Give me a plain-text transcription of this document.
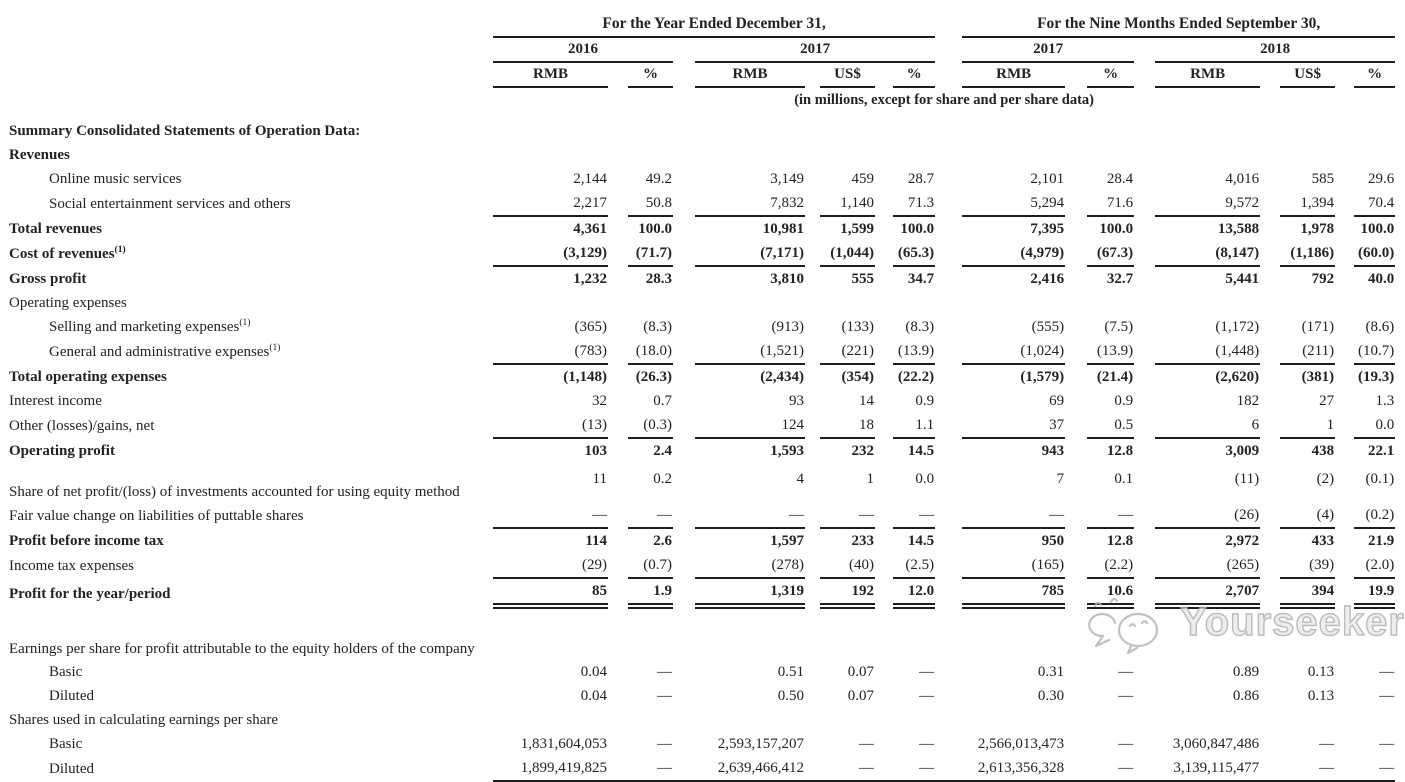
	For the Year Ended December 31,										For the Nine Months Ended September 30,								
	2016				2017						2017				2018				
	RMB		%		RMB		US$		%		RMB		%		RMB		US$		%
	(in millions, except for share and per share data)																		
Summary Consolidated Statements of Operation Data:																			
Revenues																			
Online music services	2,144		49.2		3,149		459		28.7		2,101		28.4		4,016		585		29.6
Social entertainment services and others	2,217		50.8		7,832		1,140		71.3		5,294		71.6		9,572		1,394		70.4
Total revenues	4,361		100.0		10,981		1,599		100.0		7,395		100.0		13,588		1,978		100.0
Cost of revenues$^{(1)}$	(3,129)		(71.7)		(7,171)		(1,044)		(65.3)		(4,979)		(67.3)		(8,147)		(1,186)		(60.0)
Gross profit	1,232		28.3		3,810		555		34.7		2,416		32.7		5,441		792		40.0
Operating expenses																			
Selling and marketing expenses$^{(1)}$	(365)		(8.3)		(913)		(133)		(8.3)		(555)		(7.5)		(1,172)		(171)		(8.6)
General and administrative expenses$^{(1)}$	(783)		(18.0)		(1,521)		(221)		(13.9)		(1,024)		(13.9)		(1,448)		(211)		(10.7)
Total operating expenses	(1,148)		(26.3)		(2,434)		(354)		(22.2)		(1,579)		(21.4)		(2,620)		(381)		(19.3)
Interest income	32		0.7		93		14		0.9		69		0.9		182		27		1.3
Other (losses)/gains, net	(13)		(0.3)		124		18		1.1		37		0.5		6		1		0.0
Operating profit	103		2.4		1,593		232		14.5		943		12.8		3,009		438		22.1
Share of net profit/(loss) of investments accounted for using equity method	11		0.2		4		1		0.0		7		0.1		(11)		(2)		(0.1)
Fair value change on liabilities of puttable shares	—		—		—		—		—		—		—		(26)		(4)		(0.2)
Profit before income tax	114		2.6		1,597		233		14.5		950		12.8		2,972		433		21.9
Income tax expenses	(29)		(0.7)		(278)		(40)		(2.5)		(165)		(2.2)		(265)		(39)		(2.0)
Profit for the year/period	85		1.9		1,319		192		12.0		785		10.6		2,707		394		19.9
Earnings per share for profit attributable to the equity holders of the company																			
Basic	0.04		—		0.51		0.07		—		0.31		—		0.89		0.13		—
Diluted	0.04		—		0.50		0.07		—		0.30		—		0.86		0.13		—
Shares used in calculating earnings per share																			
Basic	1,831,604,053		—		2,593,157,207		—		—		2,566,013,473		—		3,060,847,486		—		—
Diluted	1,899,419,825		—		2,639,466,412		—		—		2,613,356,328		—		3,139,115,477		—		—
Yourseeker
